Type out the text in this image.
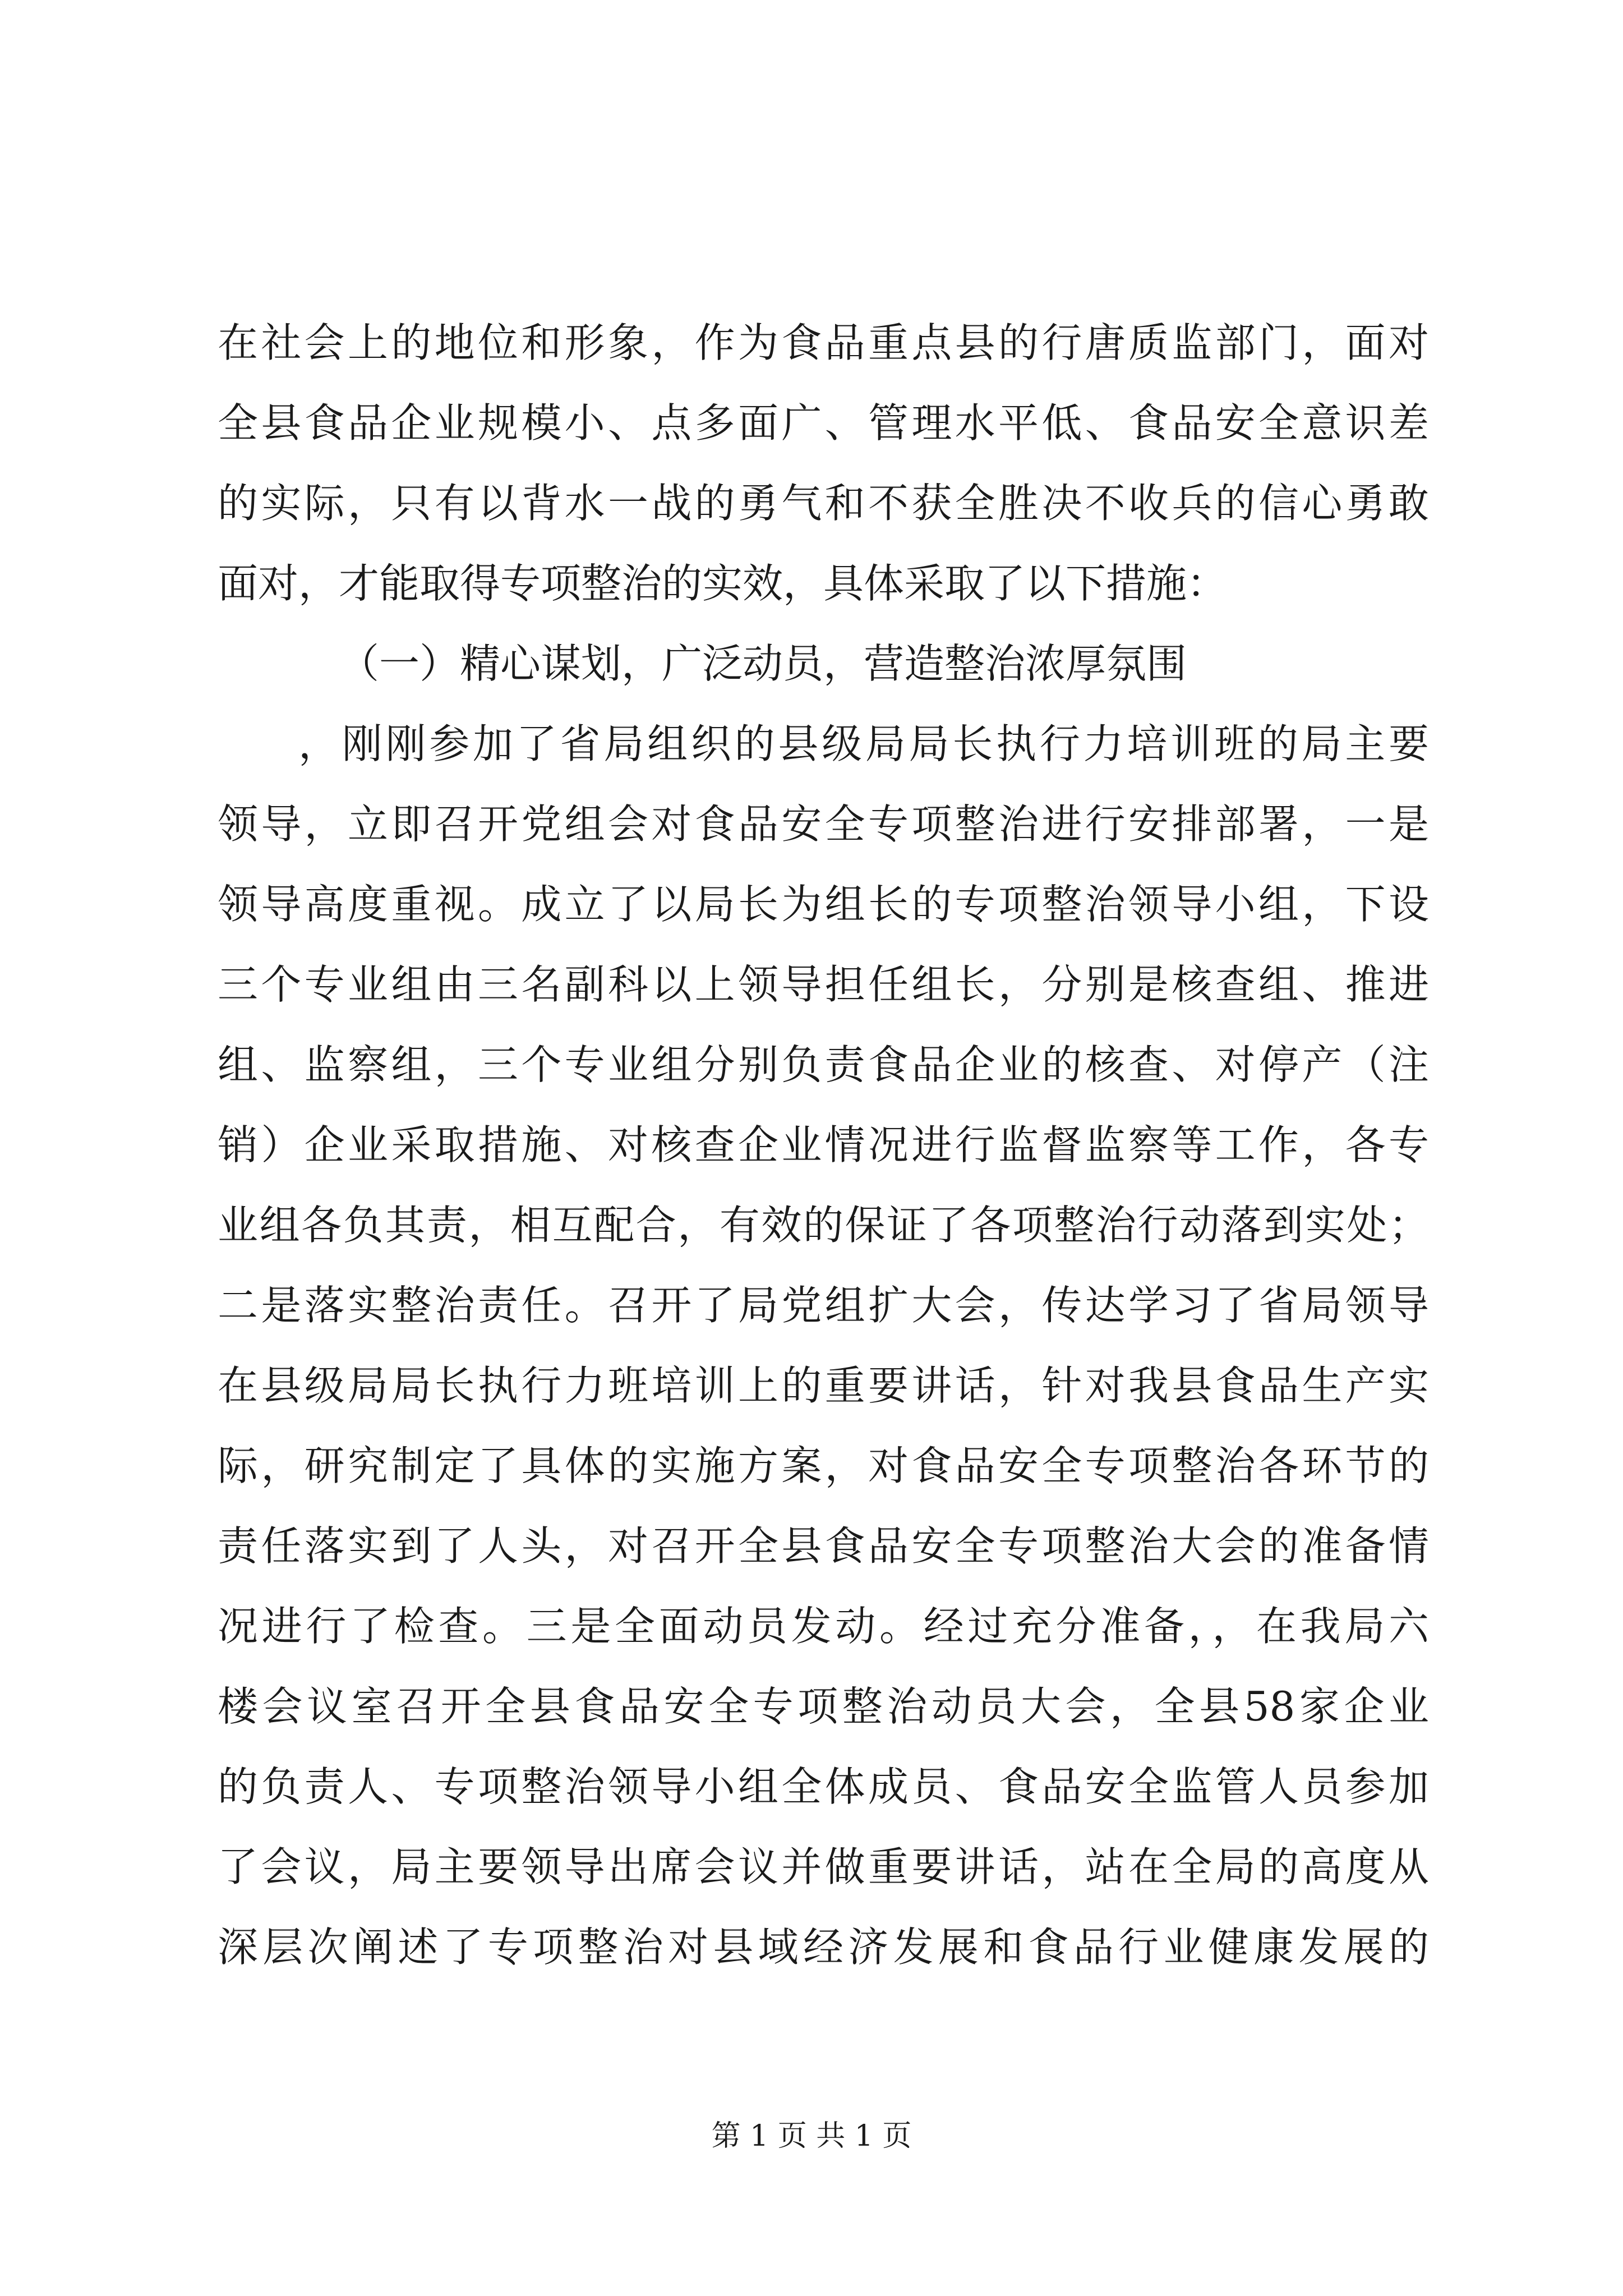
在社会上的地位和形象，作为食品重点县的行唐质监部门，面对
全县食品企业规模小、点多面广、管理水平低、食品安全意识差
的实际，只有以背水一战的勇气和不获全胜决不收兵的信心勇敢
面对，才能取得专项整治的实效，具体采取了以下措施：
（一）精心谋划，广泛动员，营造整治浓厚氛围
，刚刚参加了省局组织的县级局局长执行力培训班的局主要
领导，立即召开党组会对食品安全专项整治进行安排部署，一是
领导高度重视。成立了以局长为组长的专项整治领导小组，下设
三个专业组由三名副科以上领导担任组长，分别是核查组、推进
组、监察组，三个专业组分别负责食品企业的核查、对停产（注
销）企业采取措施、对核查企业情况进行监督监察等工作，各专
业组各负其责，相互配合，有效的保证了各项整治行动落到实处；
二是落实整治责任。召开了局党组扩大会，传达学习了省局领导
在县级局局长执行力班培训上的重要讲话，针对我县食品生产实
际，研究制定了具体的实施方案，对食品安全专项整治各环节的
责任落实到了人头，对召开全县食品安全专项整治大会的准备情
况进行了检查。三是全面动员发动。经过充分准备，，在我局六
楼会议室召开全县食品安全专项整治动员大会，全县58家企业
的负责人、专项整治领导小组全体成员、食品安全监管人员参加
了会议，局主要领导出席会议并做重要讲话，站在全局的高度从
深层次阐述了专项整治对县域经济发展和食品行业健康发展的
第 1 页 共 1 页
